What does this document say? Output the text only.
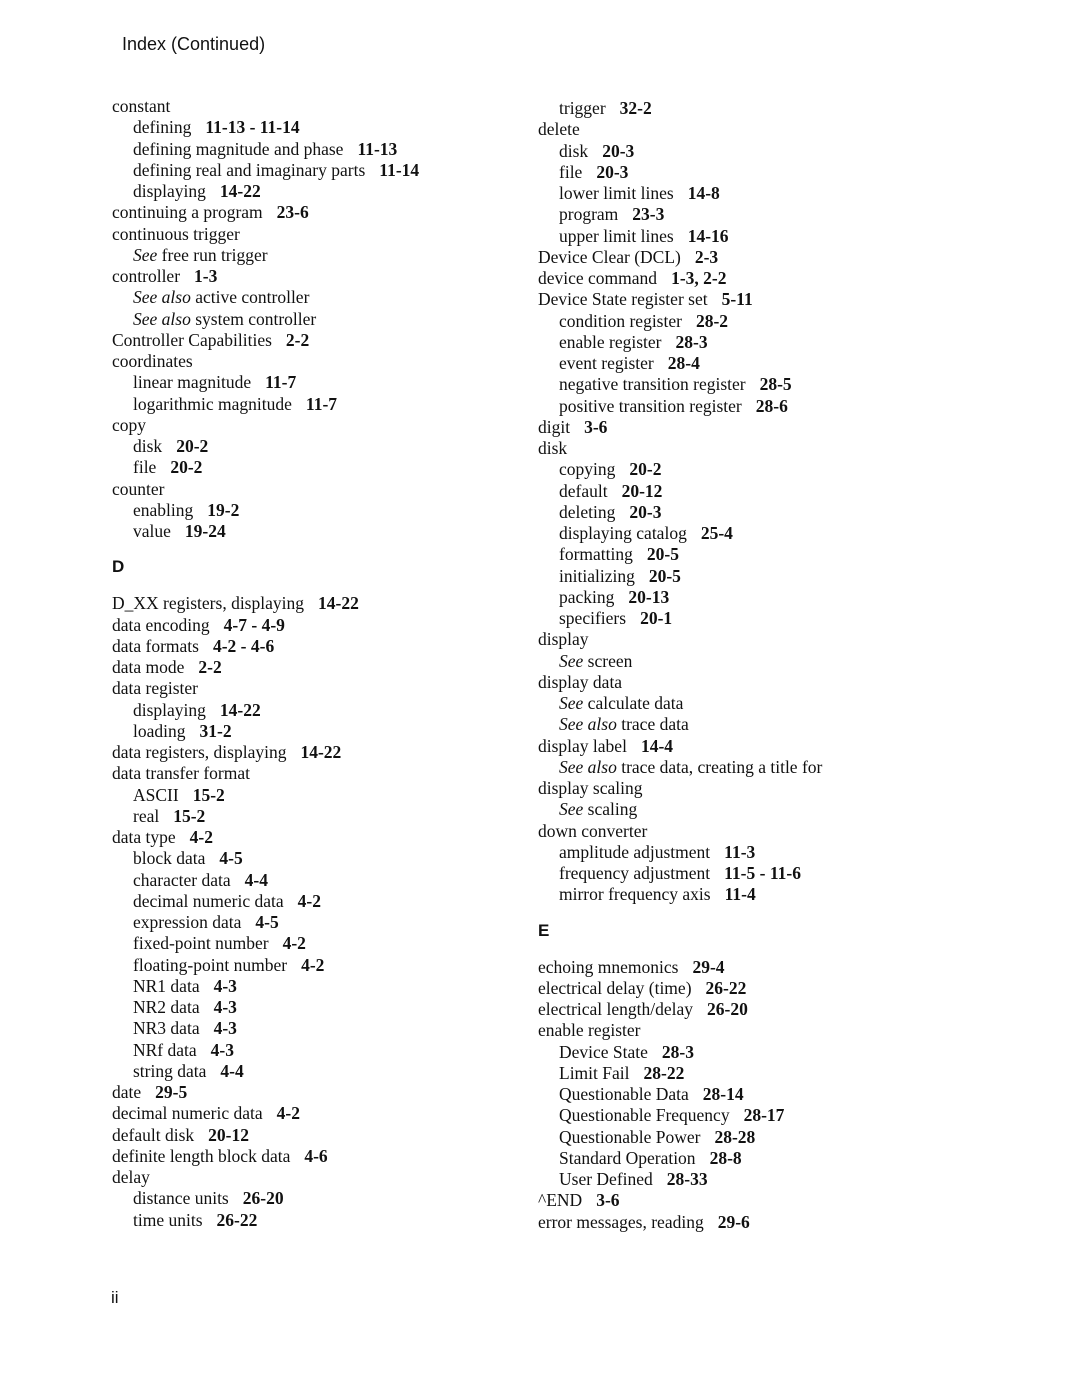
Index (Continued)
constant
defining 11-13 - 11-14
defining magnitude and phase 11-13
defining real and imaginary parts 11-14
displaying 14-22
continuing a program 23-6
continuous trigger
See free run trigger
controller 1-3
See also active controller
See also system controller
Controller Capabilities 2-2
coordinates
linear magnitude 11-7
logarithmic magnitude 11-7
copy
disk 20-2
file 20-2
counter
enabling 19-2
value 19-24
D
D_XX registers, displaying 14-22
data encoding 4-7 - 4-9
data formats 4-2 - 4-6
data mode 2-2
data register
displaying 14-22
loading 31-2
data registers, displaying 14-22
data transfer format
ASCII 15-2
real 15-2
data type 4-2
block data 4-5
character data 4-4
decimal numeric data 4-2
expression data 4-5
fixed-point number 4-2
floating-point number 4-2
NR1 data 4-3
NR2 data 4-3
NR3 data 4-3
NRf data 4-3
string data 4-4
date 29-5
decimal numeric data 4-2
default disk 20-12
definite length block data 4-6
delay
distance units 26-20
time units 26-22
trigger 32-2
delete
disk 20-3
file 20-3
lower limit lines 14-8
program 23-3
upper limit lines 14-16
Device Clear (DCL) 2-3
device command 1-3, 2-2
Device State register set 5-11
condition register 28-2
enable register 28-3
event register 28-4
negative transition register 28-5
positive transition register 28-6
digit 3-6
disk
copying 20-2
default 20-12
deleting 20-3
displaying catalog 25-4
formatting 20-5
initializing 20-5
packing 20-13
specifiers 20-1
display
See screen
display data
See calculate data
See also trace data
display label 14-4
See also trace data, creating a title for
display scaling
See scaling
down converter
amplitude adjustment 11-3
frequency adjustment 11-5 - 11-6
mirror frequency axis 11-4
E
echoing mnemonics 29-4
electrical delay (time) 26-22
electrical length/delay 26-20
enable register
Device State 28-3
Limit Fail 28-22
Questionable Data 28-14
Questionable Frequency 28-17
Questionable Power 28-28
Standard Operation 28-8
User Defined 28-33
^END 3-6
error messages, reading 29-6
ii
